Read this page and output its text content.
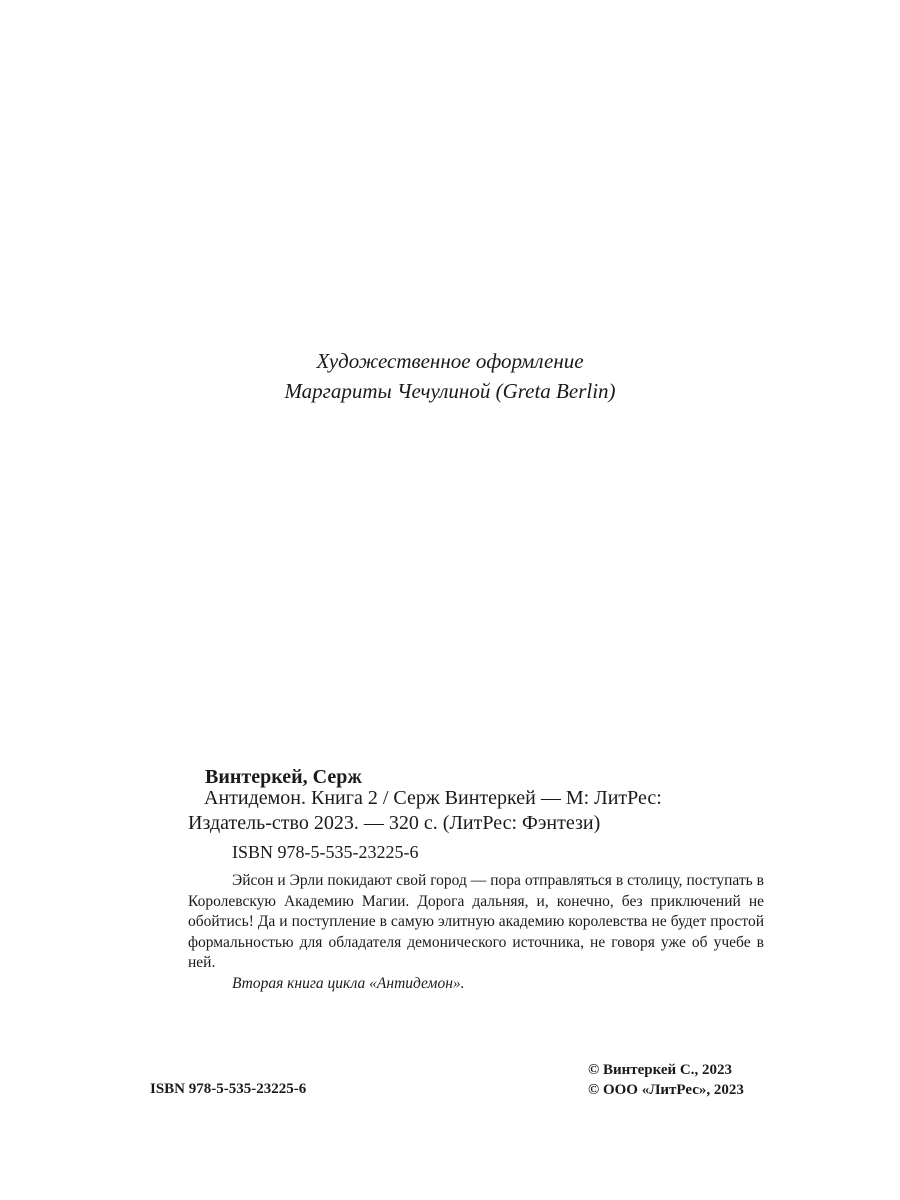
Художественное оформление
Маргариты Чечулиной (Greta Berlin)
Винтеркей, Серж
Антидемон. Книга 2 / Серж Винтеркей — М: ЛитРес:
Издатель-ство 2023. — 320 с. (ЛитРес: Фэнтези)
ISBN 978-5-535-23225-6

Эйсон и Эрли покидают свой город — пора отправляться в столицу, поступать в Королевскую Академию Магии. Дорога дальняя, и, конечно, без приключений не обойтись! Да и поступление в самую элитную академию королевства не будет простой формальностью для обладателя демонического источника, не говоря уже об учебе в ней.

Вторая книга цикла «Антидемон».

© Винтеркей С., 2023
© ООО «ЛитРес», 2023
ISBN 978-5-535-23225-6
